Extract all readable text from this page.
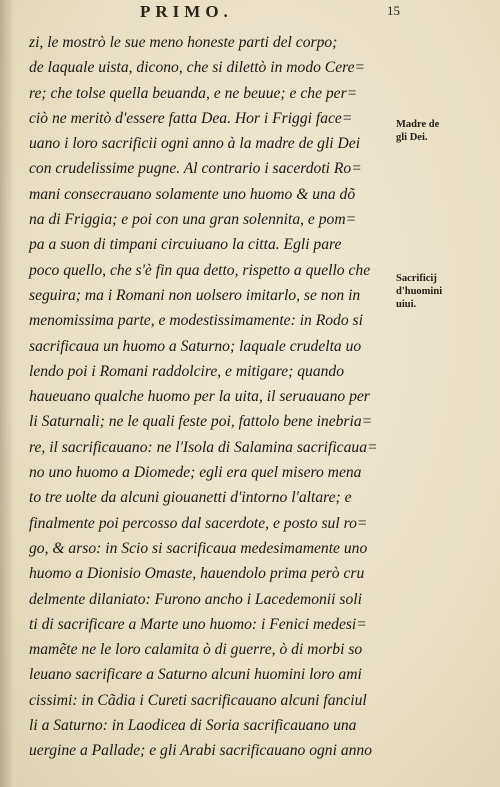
PRIMO.	15
zi, le mostrò le sue meno honeste parti del corpo;
de laquale uista, dicono, che si dilettò in modo Cere=
re; che tolse quella beuanda, e ne beuue; e che per=
ciò ne meritò d'essere fatta Dea. Hor i Friggi face=
uano i loro sacrificii ogni anno à la madre de gli Dei
con crudelissime pugne. Al contrario i sacerdoti Ro=
mani consecrauano solamente uno huomo & una dõ
na di Friggia; e poi con una gran solennita, e pom=
pa a suon di timpani circuiuano la citta. Egli pare
poco quello, che s'è fin qua detto, rispetto a quello che
seguira; ma i Romani non uolsero imitarlo, se non in
menomissima parte, e modestissimamente: in Rodo si
sacrificaua un huomo a Saturno; laquale crudelta uo
lendo poi i Romani raddolcire, e mitigare; quando
haueuano qualche huomo per la uita, il seruauano per
li Saturnali; ne le quali feste poi, fattolo bene inebria=
re, il sacrificauano: ne l'Isola di Salamina sacrificaua=
no uno huomo a Diomede; egli era quel misero mena
to tre uolte da alcuni giouanetti d'intorno l'altare; e
finalmente poi percosso dal sacerdote, e posto sul ro=
go, & arso: in Scio si sacrificaua medesimamente uno
huomo a Dionisio Omaste, hauendolo prima però cru
delmente dilaniato: Furono ancho i Lacedemonii soli
ti di sacrificare a Marte uno huomo: i Fenici medesi=
mamẽte ne le loro calamita ò di guerre, ò di morbi so
leuano sacrificare a Saturno alcuni huomini loro ami
cissimi: in Cãdia i Cureti sacrificauano alcuni fanciul
li a Saturno: in Laodicea di Soria sacrificauano una
uergine a Pallade; e gli Arabi sacrificauano ogni anno
Madre de
gli Dei.
Sacrificij
d'huomini
uiui.
